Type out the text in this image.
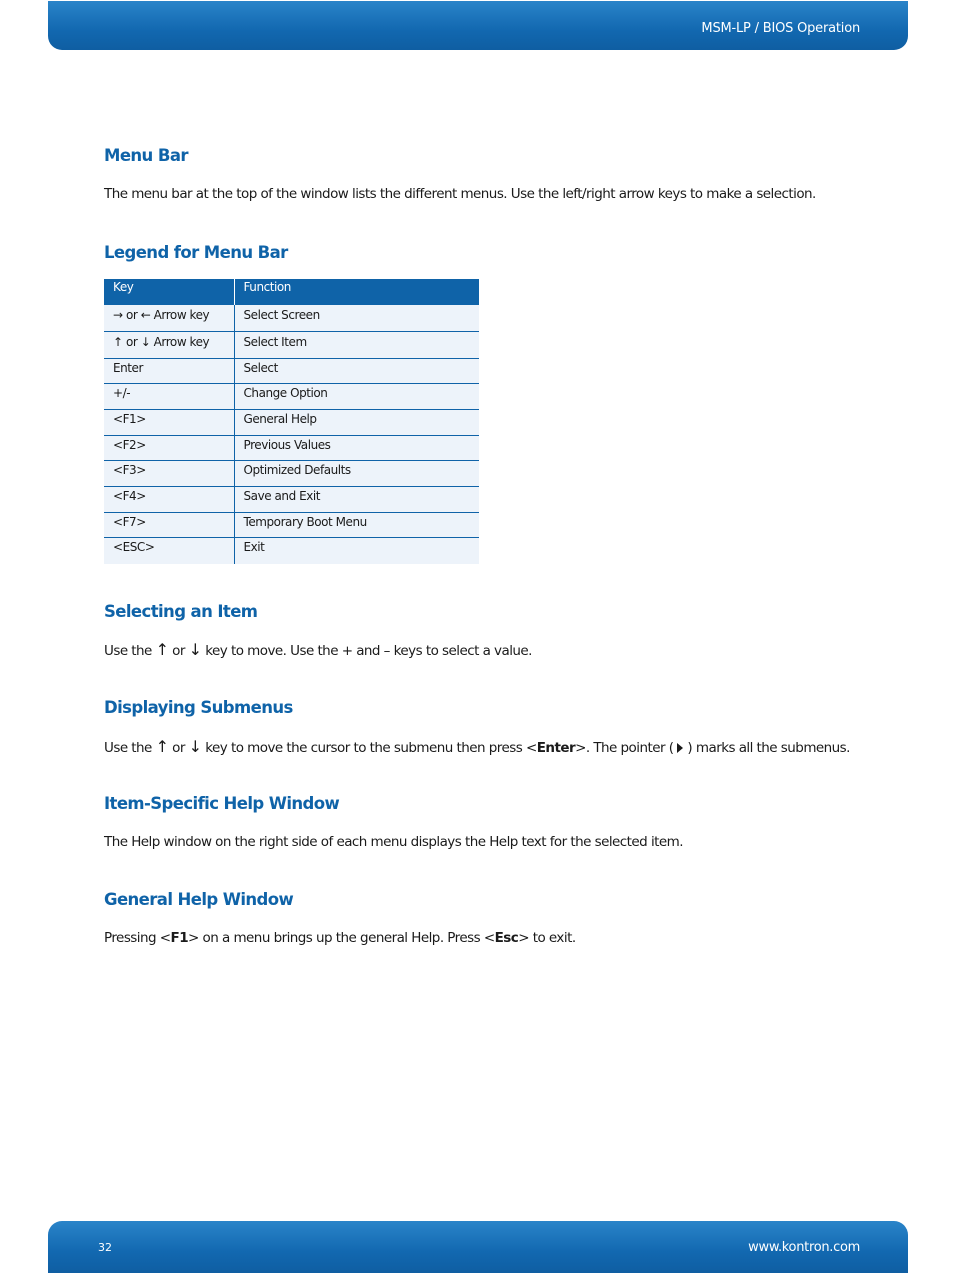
MSM-LP / BIOS Operation
Menu Bar

The menu bar at the top of the window lists the different menus. Use the left/right arrow keys to make a selection.

Legend for Menu Bar
Key	Function
→ or ← Arrow key	Select Screen
↑ or ↓ Arrow key	Select Item
Enter	Select
+/-	Change Option
<F1>	General Help
<F2>	Previous Values
<F3>	Optimized Defaults
<F4>	Save and Exit
<F7>	Temporary Boot Menu
<ESC>	Exit
Selecting an Item

Use the ↑ or ↓ key to move. Use the + and – keys to select a value.

Displaying Submenus

Use the ↑ or ↓ key to move the cursor to the submenu then press <Enter>. The pointer ( ) marks all the submenus.

Item-Specific Help Window

The Help window on the right side of each menu displays the Help text for the selected item.

General Help Window

Pressing <F1> on a menu brings up the general Help. Press <Esc> to exit.

32	www.kontron.com
